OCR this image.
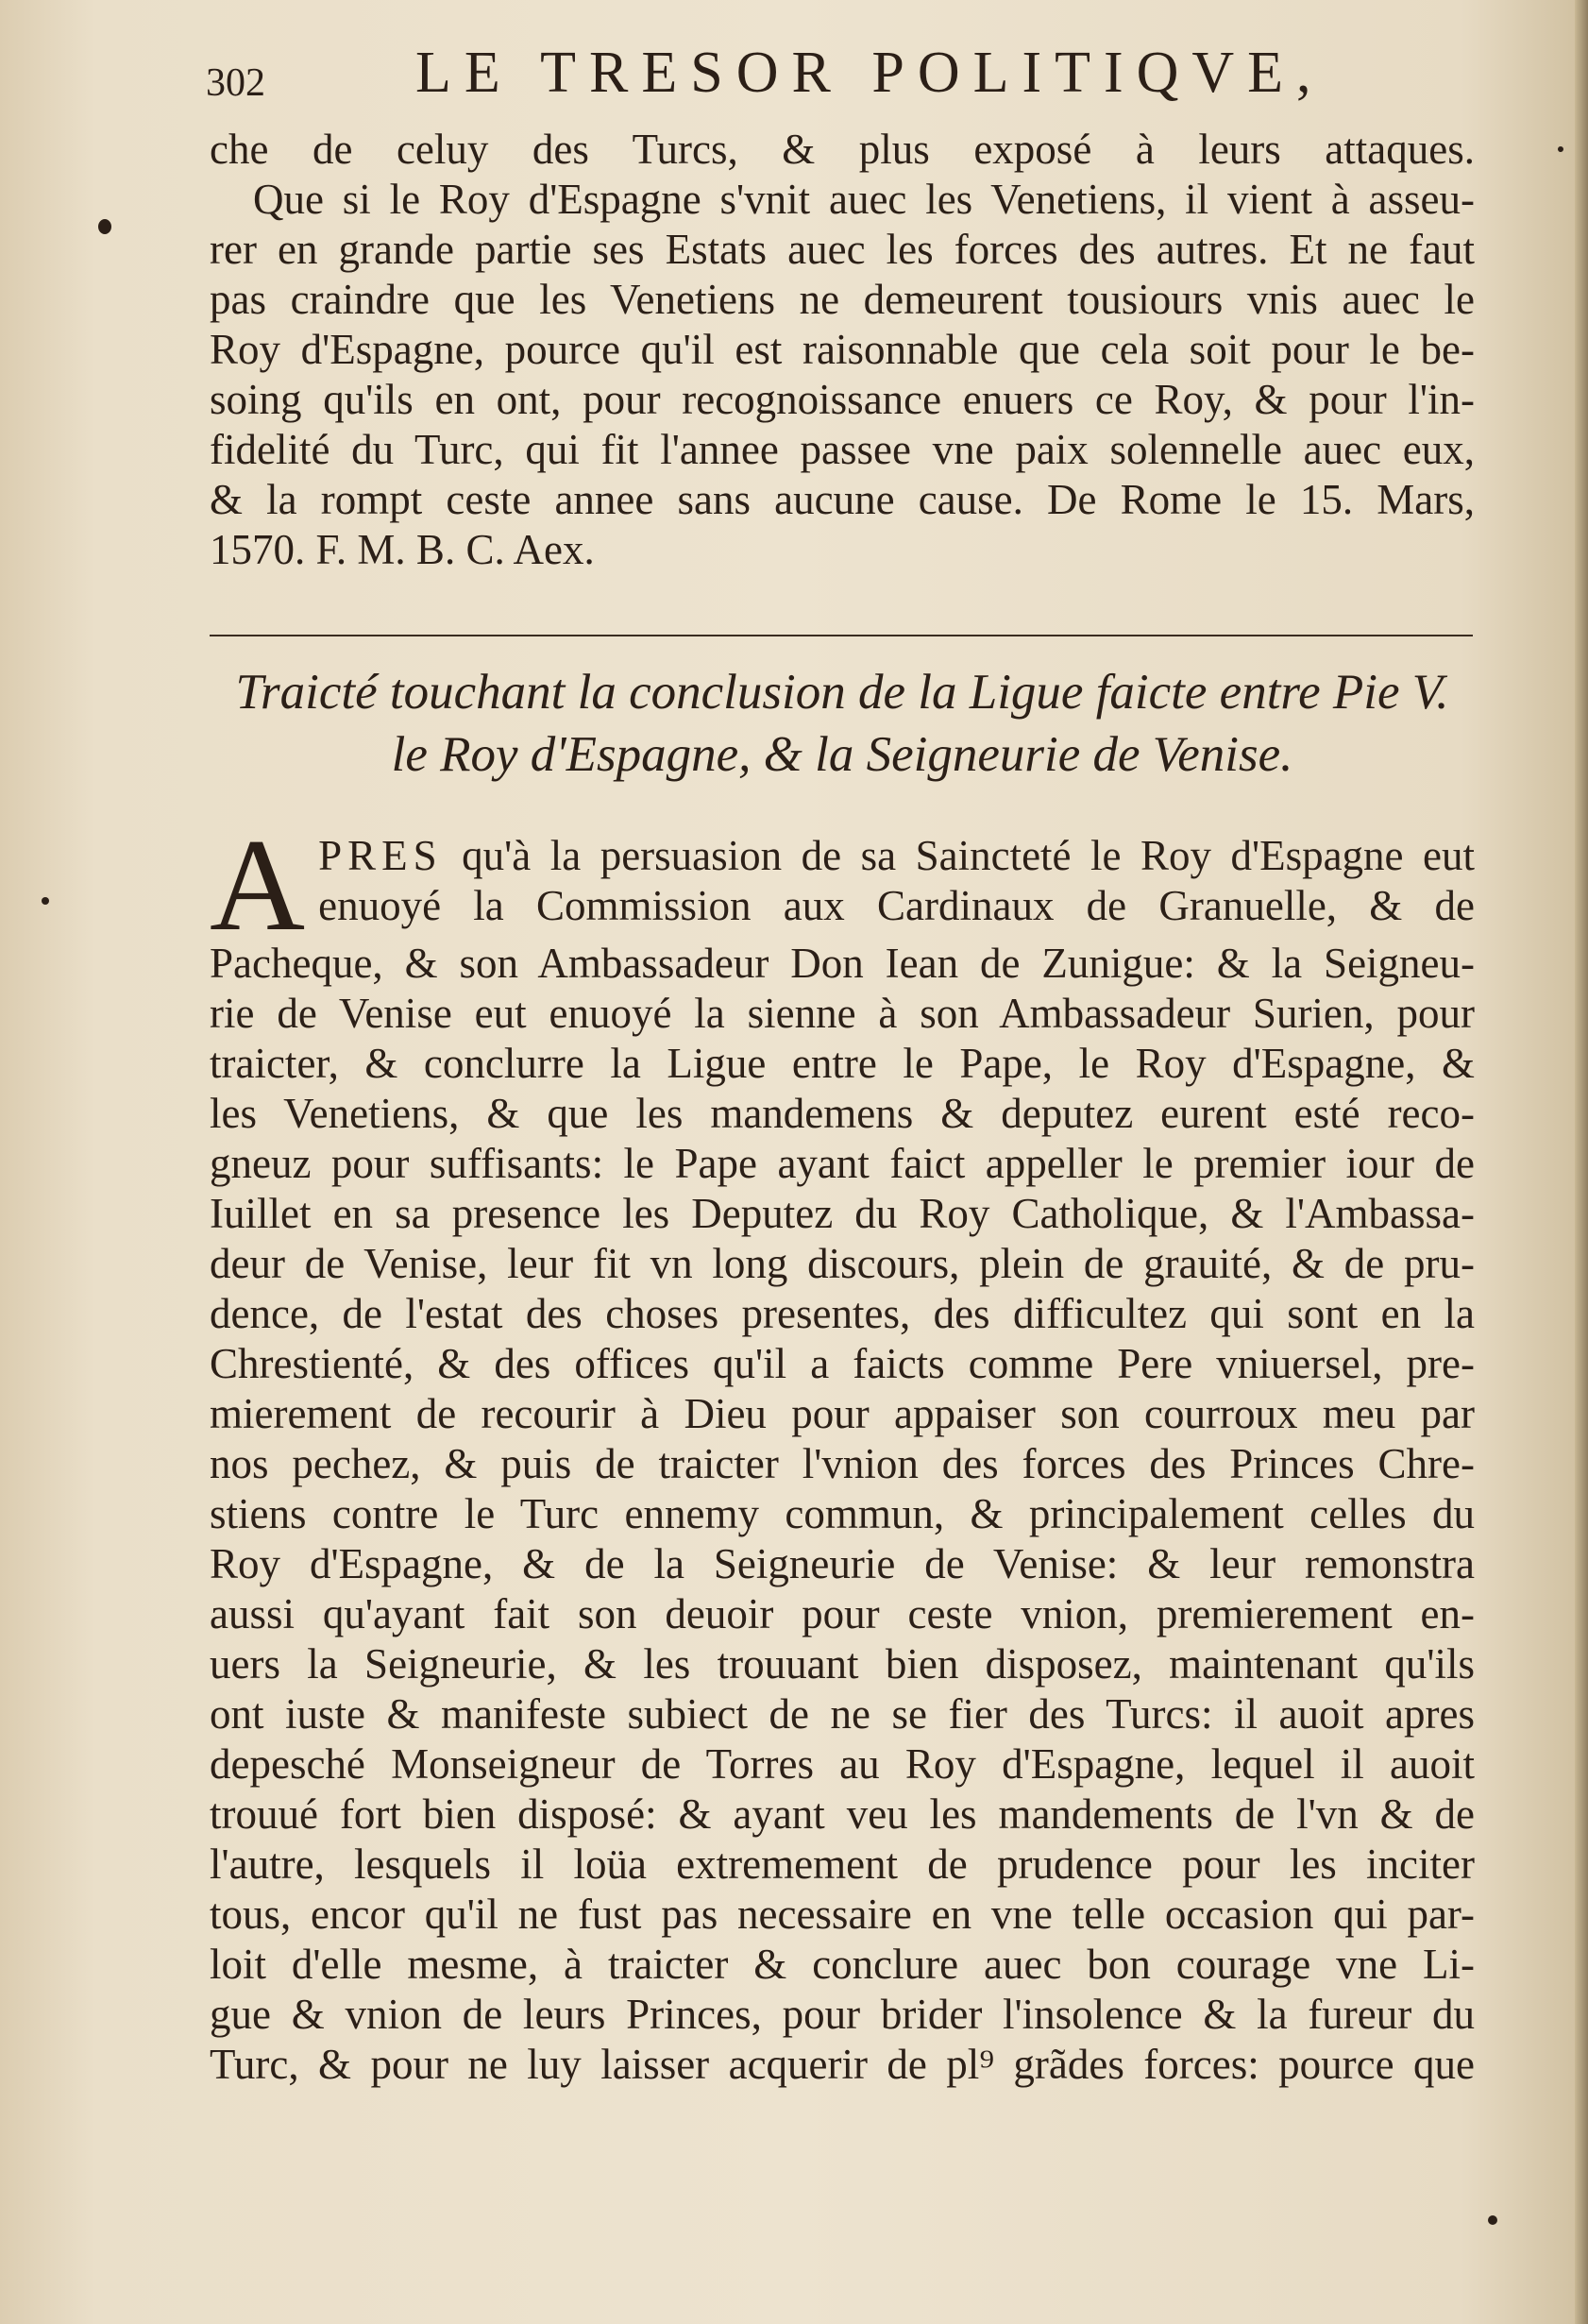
302	LE TRESOR POLITIQVE,
che de celuy des Turcs, & plus exposé à leurs attaques.
Que si le Roy d'Espagne s'vnit auec les Venetiens, il vient à asseu-
rer en grande partie ses Estats auec les forces des autres. Et ne faut
pas craindre que les Venetiens ne demeurent tousiours vnis auec le
Roy d'Espagne, pource qu'il est raisonnable que cela soit pour le be-
soing qu'ils en ont, pour recognoissance enuers ce Roy, & pour l'in-
fidelité du Turc, qui fit l'annee passee vne paix solennelle auec eux,
& la rompt ceste annee sans aucune cause. De Rome le 15. Mars,
1570. F. M. B. C. Aex.
Traicté touchant la conclusion de la Ligue faicte entre Pie V.
le Roy d'Espagne, & la Seigneurie de Venise.
A PRES qu'à la persuasion de sa Saincteté le Roy d'Espagne eut
enuoyé la Commission aux Cardinaux de Granuelle, & de
Pacheque, & son Ambassadeur Don Iean de Zunigue: & la Seigneu-
rie de Venise eut enuoyé la sienne à son Ambassadeur Surien, pour
traicter, & conclurre la Ligue entre le Pape, le Roy d'Espagne, &
les Venetiens, & que les mandemens & deputez eurent esté reco-
gneuz pour suffisants: le Pape ayant faict appeller le premier iour de
Iuillet en sa presence les Deputez du Roy Catholique, & l'Ambassa-
deur de Venise, leur fit vn long discours, plein de grauité, & de pru-
dence, de l'estat des choses presentes, des difficultez qui sont en la
Chrestienté, & des offices qu'il a faicts comme Pere vniuersel, pre-
mierement de recourir à Dieu pour appaiser son courroux meu par
nos pechez, & puis de traicter l'vnion des forces des Princes Chre-
stiens contre le Turc ennemy commun, & principalement celles du
Roy d'Espagne, & de la Seigneurie de Venise: & leur remonstra
aussi qu'ayant fait son deuoir pour ceste vnion, premierement en-
uers la Seigneurie, & les trouuant bien disposez, maintenant qu'ils
ont iuste & manifeste subiect de ne se fier des Turcs: il auoit apres
depesché Monseigneur de Torres au Roy d'Espagne, lequel il auoit
trouué fort bien disposé: & ayant veu les mandements de l'vn & de
l'autre, lesquels il loüa extremement de prudence pour les inciter
tous, encor qu'il ne fust pas necessaire en vne telle occasion qui par-
loit d'elle mesme, à traicter & conclure auec bon courage vne Li-
gue & vnion de leurs Princes, pour brider l'insolence & la fureur du
Turc, & pour ne luy laisser acquerir de pl⁹ grãdes forces: pource que
